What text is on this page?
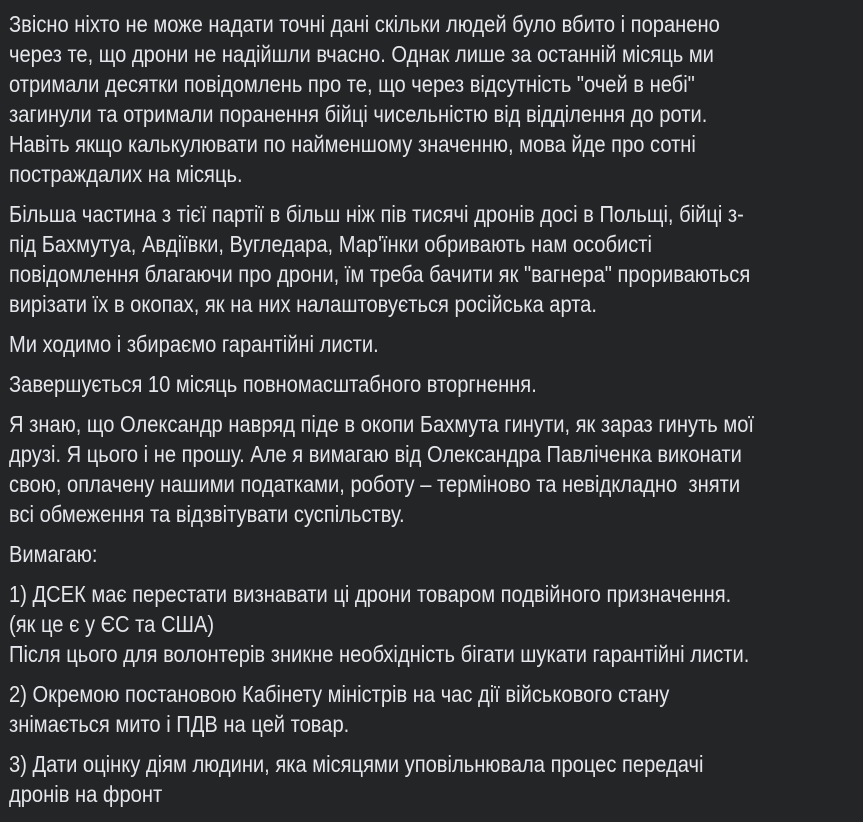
Звісно ніхто не може надати точні дані скільки людей було вбито і поранено
через те, що дрони не надійшли вчасно. Однак лише за останній місяць ми
отримали десятки повідомлень про те, що через відсутність "очей в небі"
загинули та отримали поранення бійці чисельністю від відділення до роти.
Навіть якщо калькулювати по найменшому значенню, мова йде про сотні
постраждалих на місяць.
Більша частина з тієї партії в більш ніж пів тисячі дронів досі в Польщі, бійці з-
під Бахмутуа, Авдіївки, Вугледара, Мар'їнки обривають нам особисті
повідомлення благаючи про дрони, їм треба бачити як "вагнера" прориваються
вирізати їх в окопах, як на них налаштовується російська арта.
Ми ходимо і збираємо гарантійні листи.
Завершується 10 місяць повномасштабного вторгнення.
Я знаю, що Олександр навряд піде в окопи Бахмута гинути, як зараз гинуть мої
друзі. Я цього і не прошу. Але я вимагаю від Олександра Павліченка виконати
свою, оплачену нашими податками, роботу – терміново та невідкладно  зняти
всі обмеження та відзвітувати суспільству.
Вимагаю:
1) ДСЕК має перестати визнавати ці дрони товаром подвійного призначення.
(як це є у ЄС та США)
Після цього для волонтерів зникне необхідність бігати шукати гарантійні листи.
2) Окремою постановою Кабінету міністрів на час дії військового стану
знімається мито і ПДВ на цей товар.
3) Дати оцінку діям людини, яка місяцями уповільнювала процес передачі
дронів на фронт
